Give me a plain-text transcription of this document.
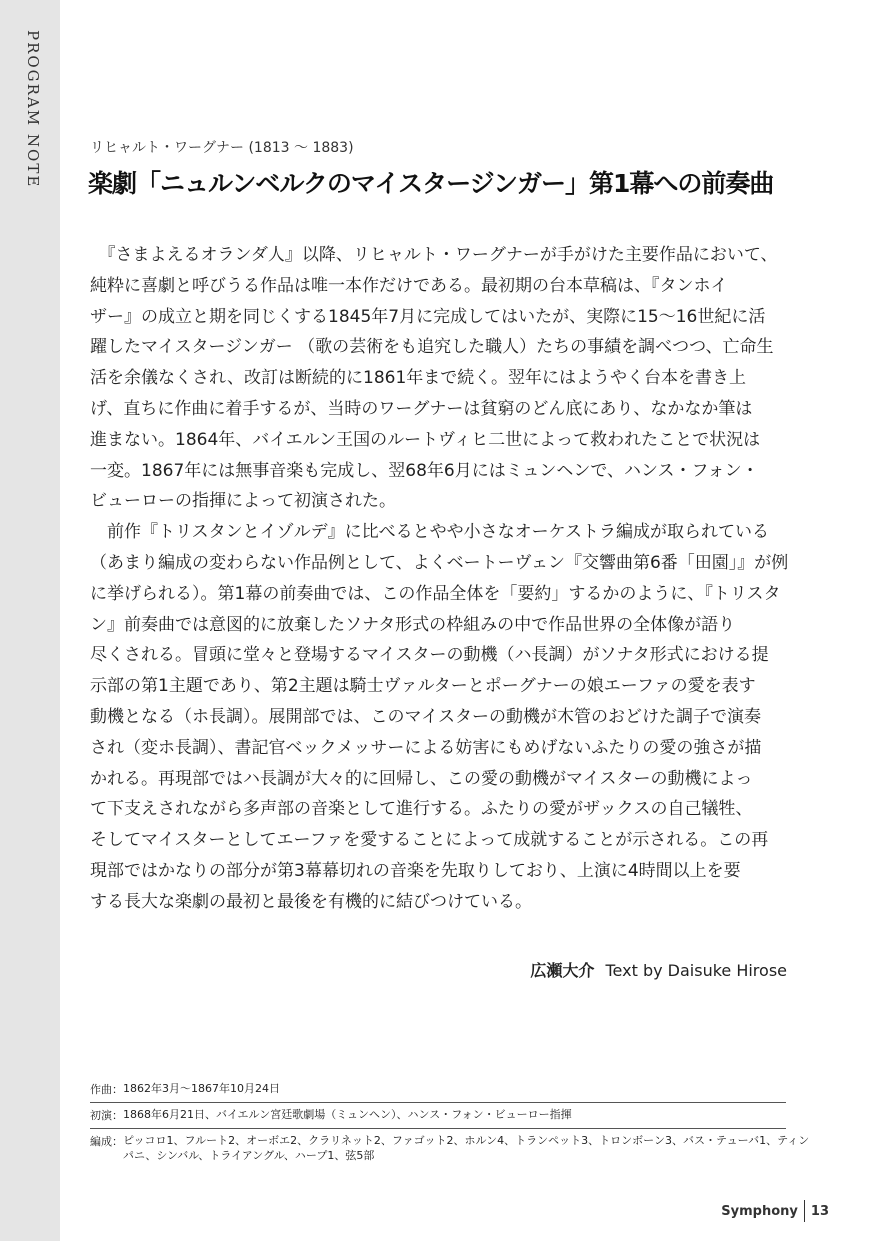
PROGRAM NOTE	リヒャルト・ワーグナー (1813 ～ 1883)
楽劇「ニュルンベルクのマイスタージンガー」第1幕への前奏曲
　『さまよえるオランダ人』以降、リヒャルト・ワーグナーが手がけた主要作品において、
純粋に喜劇と呼びうる作品は唯一本作だけである。最初期の台本草稿は、『タンホイ
ザー』の成立と期を同じくする1845年7月に完成してはいたが、実際に15～16世紀に活
躍したマイスタージンガー （歌の芸術をも追究した職人）たちの事績を調べつつ、亡命生
活を余儀なくされ、改訂は断続的に1861年まで続く。翌年にはようやく台本を書き上
げ、直ちに作曲に着手するが、当時のワーグナーは貧窮のどん底にあり、なかなか筆は
進まない。1864年、バイエルン王国のルートヴィヒ二世によって救われたことで状況は
一変。1867年には無事音楽も完成し、翌68年6月にはミュンヘンで、ハンス・フォン・
ビューローの指揮によって初演された。
　前作『トリスタンとイゾルデ』に比べるとやや小さなオーケストラ編成が取られている
（あまり編成の変わらない作品例として、よくベートーヴェン『交響曲第6番「田園」』が例
に挙げられる）。第1幕の前奏曲では、この作品全体を「要約」するかのように、『トリスタ
ン』前奏曲では意図的に放棄したソナタ形式の枠組みの中で作品世界の全体像が語り
尽くされる。冒頭に堂々と登場するマイスターの動機（ハ長調）がソナタ形式における提
示部の第1主題であり、第2主題は騎士ヴァルターとポーグナーの娘エーファの愛を表す
動機となる（ホ長調）。展開部では、このマイスターの動機が木管のおどけた調子で演奏
され（変ホ長調）、書記官ベックメッサーによる妨害にもめげないふたりの愛の強さが描
かれる。再現部ではハ長調が大々的に回帰し、この愛の動機がマイスターの動機によっ
て下支えされながら多声部の音楽として進行する。ふたりの愛がザックスの自己犠牲、
そしてマイスターとしてエーファを愛することによって成就することが示される。この再
現部ではかなりの部分が第3幕幕切れの音楽を先取りしており、上演に4時間以上を要
する長大な楽劇の最初と最後を有機的に結びつけている。
広瀬大介 Text by Daisuke Hirose
作曲： 1862年3月～1867年10月24日
初演： 1868年6月21日、バイエルン宮廷歌劇場（ミュンヘン）、ハンス・フォン・ビューロー指揮
編成： ピッコロ1、フルート2、オーボエ2、クラリネット2、ファゴット2、ホルン4、トランペット3、トロンボーン3、バス・テューバ1、ティン
パニ、シンバル、トライアングル、ハープ1、弦5部
Symphony 13
